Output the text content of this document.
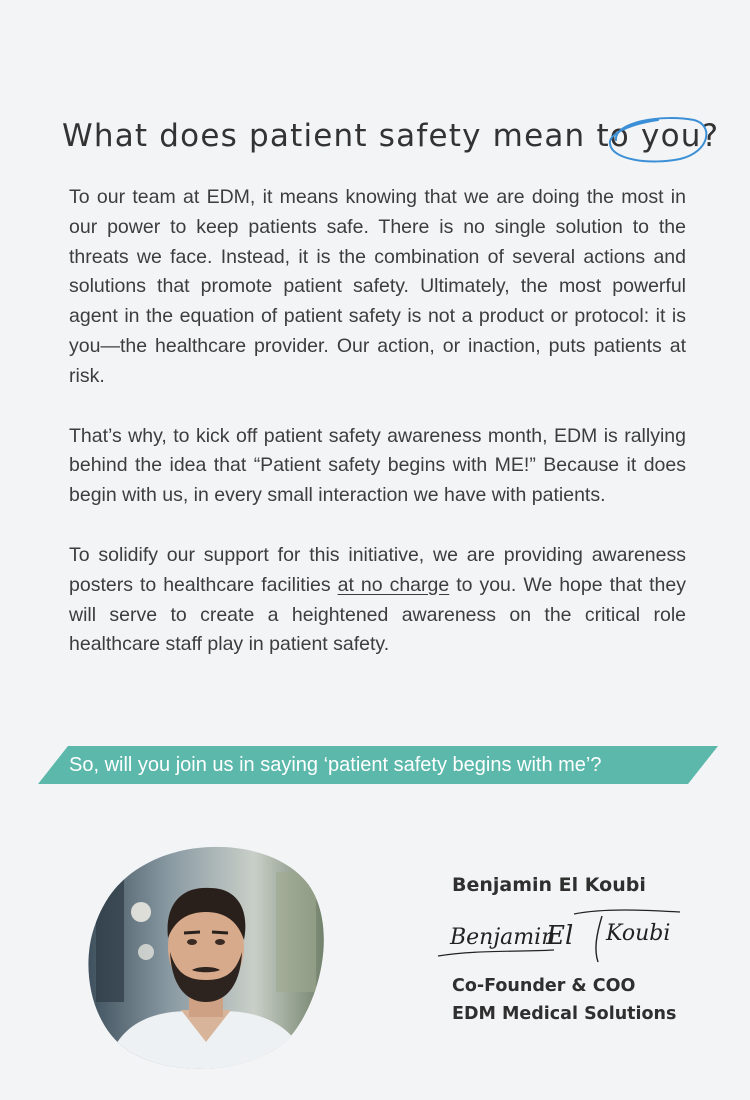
What does patient safety mean to you?

To our team at EDM, it means knowing that we are doing the most in our power to keep patients safe. There is no single solution to the threats we face. Instead, it is the combination of several actions and solutions that promote patient safety. Ultimately, the most powerful agent in the equation of patient safety is not a product or protocol: it is you—the healthcare provider. Our action, or inaction, puts patients at risk.

That’s why, to kick off patient safety awareness month, EDM is rallying behind the idea that “Patient safety begins with ME!” Because it does begin with us, in every small interaction we have with patients.

To solidify our support for this initiative, we are providing awareness posters to healthcare facilities at no charge to you. We hope that they will serve to create a heightened awareness on the critical role healthcare staff play in patient safety.

So, will you join us in saying ‘patient safety begins with me’?

Benjamin El Koubi

Benjamin
El Koubi

Co-Founder & COO

EDM Medical Solutions
